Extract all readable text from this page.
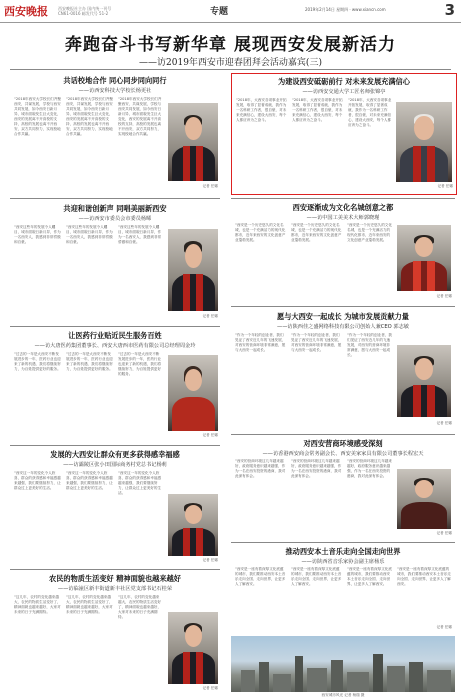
西安晚报	西安晚报社主办 国内统一刊号
CN61-0016 邮发代号 51-2	专题	2019年2月14日 星期四 · www.xiancn.com	3
奔跑奋斗书写新华章 展现西安发展新活力
——访2019年西安市迎春团拜会活动嘉宾(三)
共话校地合作 同心同步同向同行
——访西安科技大学校长杨更社
“2018年西安大学校长们齐聚西安，共谋发展，学校与西安共同发展，如今西安日新月异，城市面貌发生巨大变化，西安的发展离不开高校的支持，高校的发展也离不开西安，双方共同努力，实现校地合作共赢。
“2018年西安大学校长们齐聚西安，共谋发展，学校与西安共同发展，如今西安日新月异，城市面貌发生巨大变化，西安的发展离不开高校的支持，高校的发展也离不开西安，双方共同努力，实现校地合作共赢。
“2018年西安大学校长们齐聚西安，共谋发展，学校与西安共同发展，如今西安日新月异，城市面貌发生巨大变化，西安的发展离不开高校的支持，高校的发展也离不开西安，双方共同努力，实现校地合作共赢。
记者 任娜
为建设西安砥砺前行 对未来发展充满信心
——访西安交通大学工匠名师张锦亭
“2018年，大西安各项事业开拓发展，取得了显著成就，我作为一名科研工作者，很自豪，对未来充满信心，建设大西安，每个人都应该为之奋斗。
“2018年，大西安各项事业开拓发展，取得了显著成就，我作为一名科研工作者，很自豪，对未来充满信心，建设大西安，每个人都应该为之奋斗。
“2018年，大西安各项事业开拓发展，取得了显著成就，我作为一名科研工作者，很自豪，对未来充满信心，建设大西安，每个人都应该为之奋斗。
记者 任娜
共迎和谐创新声 同唱美丽新西安
——访西安市委员会市委员杨晞
“西安这些年的发展令人瞩目，城市面貌日新月异，作为一名西安人，我感到非常骄傲和自豪。
“西安这些年的发展令人瞩目，城市面貌日新月异，作为一名西安人，我感到非常骄傲和自豪。
“西安这些年的发展令人瞩目，城市面貌日新月异，作为一名西安人，我感到非常骄傲和自豪。
记者 任娜
西安逐渐成为文化名城创意之都
——访中国工美美术大师郭晓瑾
“西安是一个历史悠久的文化名城，也是一个充满活力的现代化都市，近年来西安的文化创意产业蓬勃发展。
“西安是一个历史悠久的文化名城，也是一个充满活力的现代化都市，近年来西安的文化创意产业蓬勃发展。
“西安是一个历史悠久的文化名城，也是一个充满活力的现代化都市，近年来西安的文化创意产业蓬勃发展。
记者 任娜
让医药行业贴近民生服务百姓
——访大唐医药集团董事长、西安大唐西市医药有限公司总经理周金玲
“过去的一年是大西安不断发展进步的一年，医药行业也迎来了新的机遇，我们将继续努力，为百姓提供更好的服务。
“过去的一年是大西安不断发展进步的一年，医药行业也迎来了新的机遇，我们将继续努力，为百姓提供更好的服务。
“过去的一年是大西安不断发展进步的一年，医药行业也迎来了新的机遇，我们将继续努力，为百姓提供更好的服务。
记者 任娜
愿与大西安一起成长 为城市发展贡献力量
——访陕西佳之盛网络科技有限公司创始人兼CEO 郭志敏
“作为一个年轻的创业者，我们见证了西安近几年的飞速发展，对西安的营商环境非常满意，愿与大西安一起成长。
“作为一个年轻的创业者，我们见证了西安近几年的飞速发展，对西安的营商环境非常满意，愿与大西安一起成长。
“作为一个年轻的创业者，我们见证了西安近几年的飞速发展，对西安的营商环境非常满意，愿与大西安一起成长。
记者 任娜
发展的大西安让群众有更多获得感幸福感
——访灞陵区张小田国际商务村党总书记杨莉
“西安这一年的变化令人欣喜，群众的获得感和幸福感越来越强，我们要继续努力，让群众过上更美好的生活。
“西安这一年的变化令人欣喜，群众的获得感和幸福感越来越强，我们要继续努力，让群众过上更美好的生活。
“西安这一年的变化令人欣喜，群众的获得感和幸福感越来越强，我们要继续努力，让群众过上更美好的生活。
记者 任娜
对西安营商环境感受深刻
——访香港西安商会常务副会长、西安美家家具有限公司董事长程宏天
“西安的营商环境这几年越来越好，政府服务意识越来越强，作为一名在西安投资的港商，我对此深有体会。
“西安的营商环境这几年越来越好，政府服务意识越来越强，作为一名在西安投资的港商，我对此深有体会。
“西安的营商环境这几年越来越好，政府服务意识越来越强，作为一名在西安投资的港商，我对此深有体会。
记者 任娜
农民的物质生活变好 精神面貌也越来越好
——访临潼区新丰街道新丰社区党支部书记石桂荣
“这几年，农村的变化越来越大，农民的物质生活变好了，精神面貌也越来越好，大家对未来的日子充满期待。
“这几年，农村的变化越来越大，农民的物质生活变好了，精神面貌也越来越好，大家对未来的日子充满期待。
“这几年，农村的变化越来越大，农民的物质生活变好了，精神面貌也越来越好，大家对未来的日子充满期待。
记者 任娜
推动西安本土音乐走向全国走向世界
——访陕西省音乐家协会副主席杨乐
“西安是一座有着深厚文化底蕴的城市，我们要推动西安本土音乐走向全国、走向世界，让更多人了解西安。
“西安是一座有着深厚文化底蕴的城市，我们要推动西安本土音乐走向全国、走向世界，让更多人了解西安。
“西安是一座有着深厚文化底蕴的城市，我们要推动西安本土音乐走向全国、走向世界，让更多人了解西安。
“西安是一座有着深厚文化底蕴的城市，我们要推动西安本土音乐走向全国、走向世界，让更多人了解西安。
记者 任娜
西安城市风光 记者 杨瑞 摄
